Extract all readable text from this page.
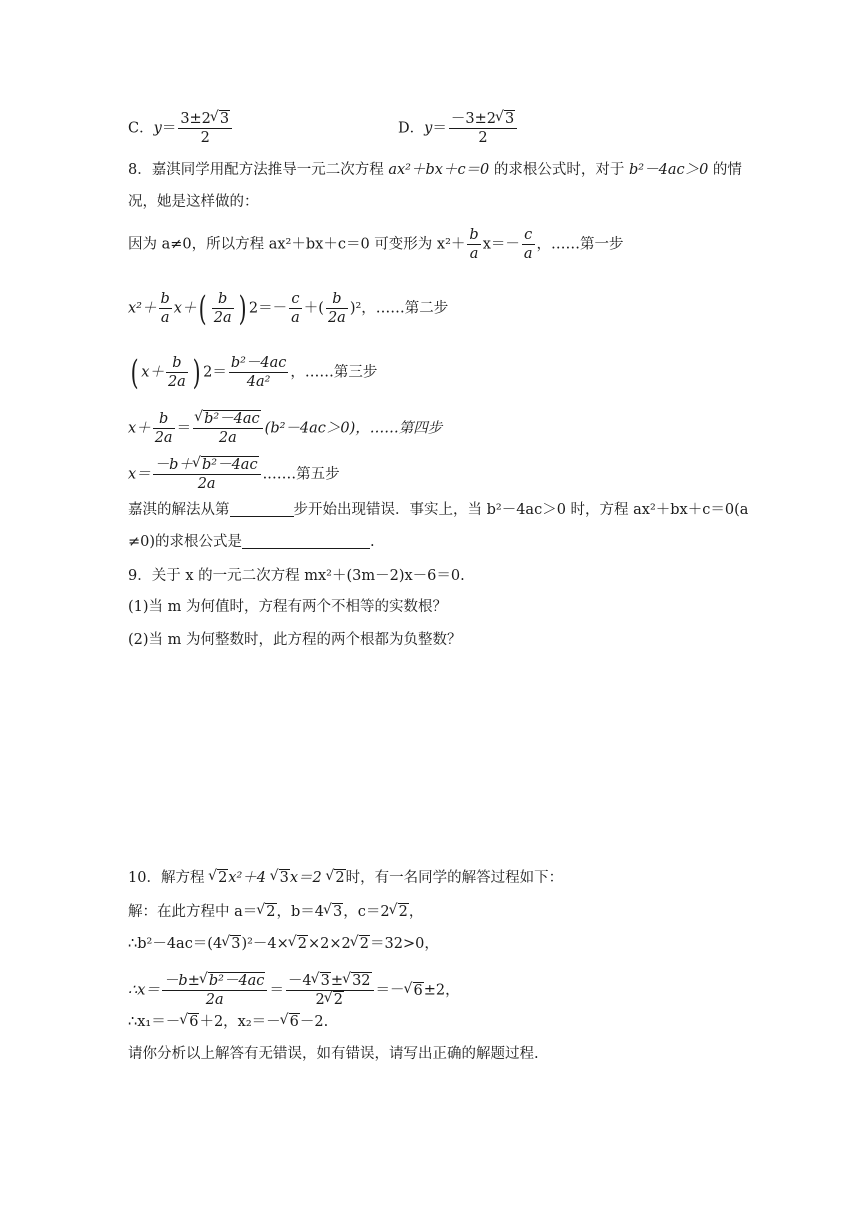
C．$y= \frac{3\pm 2 √ 3}{2}$	D．$y= \frac{-3\pm 2 √ 3}{2}$
8．嘉淇同学用配方法推导一元二次方程 ax²＋bx＋c＝0 的求根公式时，对于 b²－4ac＞0 的情
况，她是这样做的：
因为 a≠0，所以方程 ax²＋bx＋c＝0 可变形为 $x^2+ \frac{b}{a} x=- \frac{c}{a}$ ，……第一步
$x^2+ \frac{b}{a} x+( \frac{b}{2a}$ ) $2=- \frac{c}{a}$ ＋( $\frac{b}{2a} )^2$，……第二步
( $x+ \frac{b}{2a}$ ) $2= \frac{\text{b²－4ac}}{\text{4a²}}$ ，……第三步
$x+ \frac{b}{2a}$ ＝ √ $\frac{\text{b²－4ac}}{2a} (b^2-4ac>0)$，……第四步
$x= \frac{\text{－b＋ √ b²－4ac}}{2a}$ .……第五步
嘉淇的解法从第	步开始出现错误．事实上，当 b²－4ac＞0 时，方程 ax²＋bx＋c＝0(a
≠0)的求根公式是	.
9．关于 x 的一元二次方程 mx²＋(3m－2)x－6＝0.
(1)当 m 为何值时，方程有两个不相等的实数根？
(2)当 m 为何整数时，此方程的两个根都为负整数？
10．解方程 √ 2x²＋4 √ 3x＝2 √ 2时，有一名同学的解答过程如下：
解：在此方程中 a＝ √ 2，b＝4 √ 3，c＝2 √ 2，
∴b²－4ac＝(4 √ 3)²－4× √ 2×2×2 √ 2＝32>0，
∴x＝ $\frac{\text{－b± √ b²－4ac}}{2a} = \frac{-4 √ 3\pm √ 32}{2 √ 2}$ ＝－ √ 6±2，
∴x₁＝－ √ 6＋2，x₂＝－ √ 6－2.
请你分析以上解答有无错误，如有错误，请写出正确的解题过程.
